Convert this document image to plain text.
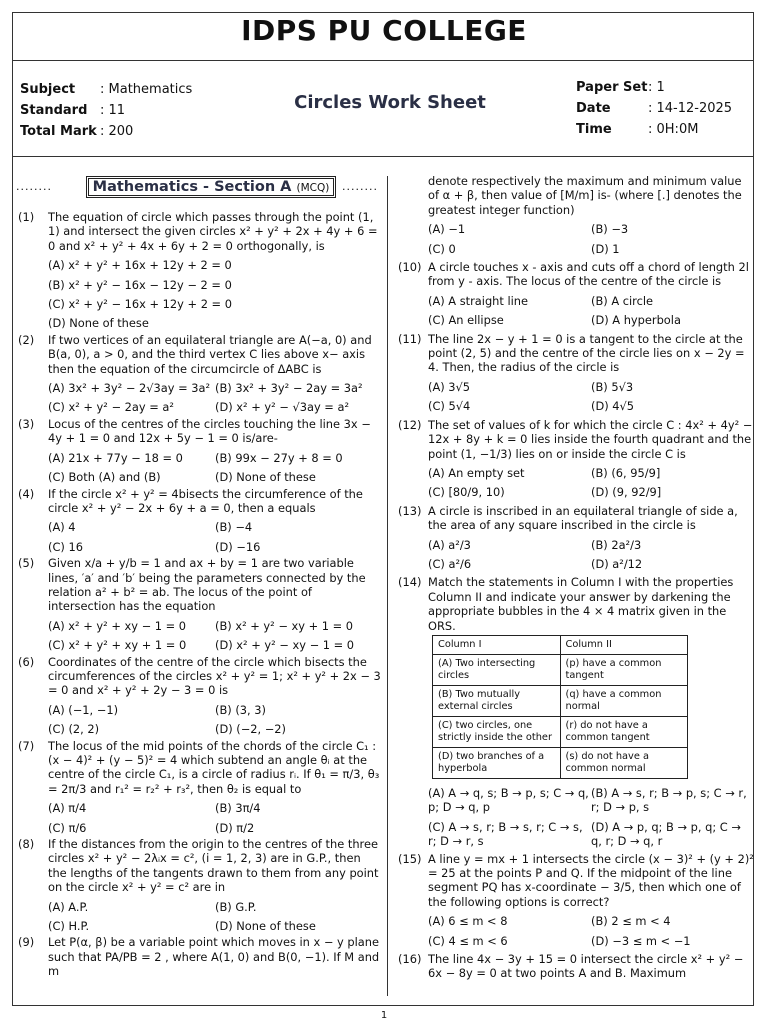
IDPS PU COLLEGE
Subject : Mathematics
Standard : 11
Total Mark : 200
Circles Work Sheet
Paper Set: 1
Date	: 14-12-2025
Time	: 0H:0M
........	Mathematics - Section A (MCQ)	........
(1) The equation of circle which passes through the point (1, 1) and intersect the given circles x² + y² + 2x + 4y + 6 = 0 and x² + y² + 4x + 6y + 2 = 0 orthogonally, is
(A) x² + y² + 16x + 12y + 2 = 0
(B) x² + y² − 16x − 12y − 2 = 0
(C) x² + y² − 16x + 12y + 2 = 0
(D) None of these
(2) If two vertices of an equilateral triangle are A(−a, 0) and B(a, 0), a > 0, and the third vertex C lies above x− axis then the equation of the circumcircle of ΔABC is
(A) 3x² + 3y² − 2√3ay = 3a² (B) 3x² + 3y² − 2ay = 3a²
(C) x² + y² − 2ay = a²	(D) x² + y² − √3ay = a²
(3) Locus of the centres of the circles touching the line 3x − 4y + 1 = 0 and 12x + 5y − 1 = 0 is/are-
(A) 21x + 77y − 18 = 0	(B) 99x − 27y + 8 = 0
(C) Both (A) and (B)	(D) None of these
(4) If the circle x² + y² = 4bisects the circumference of the circle x² + y² − 2x + 6y + a = 0, then a equals
(A) 4	(B) −4
(C) 16	(D) −16
(5) Given x/a + y/b = 1 and ax + by = 1 are two variable lines, ′a′ and ′b′ being the parameters connected by the relation a² + b² = ab. The locus of the point of intersection has the equation
(A) x² + y² + xy − 1 = 0	(B) x² + y² − xy + 1 = 0
(C) x² + y² + xy + 1 = 0	(D) x² + y² − xy − 1 = 0
(6) Coordinates of the centre of the circle which bisects the circumferences of the circles x² + y² = 1; x² + y² + 2x − 3 = 0 and x² + y² + 2y − 3 = 0 is
(A) (−1, −1)	(B) (3, 3)
(C) (2, 2)	(D) (−2, −2)
(7) The locus of the mid points of the chords of the circle C₁ : (x − 4)² + (y − 5)² = 4 which subtend an angle θᵢ at the centre of the circle C₁, is a circle of radius rᵢ. If θ₁ = π/3, θ₃ = 2π/3 and r₁² = r₂² + r₃², then θ₂ is equal to
(A) π/4	(B) 3π/4
(C) π/6	(D) π/2
(8) If the distances from the origin to the centres of the three circles x² + y² − 2λᵢx = c², (i = 1, 2, 3) are in G.P., then the lengths of the tangents drawn to them from any point on the circle x² + y² = c² are in
(A) A.P.	(B) G.P.
(C) H.P.	(D) None of these
(9) Let P(α, β) be a variable point which moves in x − y plane such that PA/PB = 2 , where A(1, 0) and B(0, −1). If M and m
denote respectively the maximum and minimum value of α + β, then value of [M/m] is- (where [.] denotes the greatest integer function)
(A) −1	(B) −3
(C) 0	(D) 1
(10) A circle touches x - axis and cuts off a chord of length 2l from y - axis. The locus of the centre of the circle is
(A) A straight line	(B) A circle
(C) An ellipse	(D) A hyperbola
(11) The line 2x − y + 1 = 0 is a tangent to the circle at the point (2, 5) and the centre of the circle lies on x − 2y = 4. Then, the radius of the circle is
(A) 3√5	(B) 5√3
(C) 5√4	(D) 4√5
(12) The set of values of k for which the circle C : 4x² + 4y² − 12x + 8y + k = 0 lies inside the fourth quadrant and the point (1, −1/3) lies on or inside the circle C is
(A) An empty set	(B) (6, 95/9]
(C) [80/9, 10)	(D) (9, 92/9]
(13) A circle is inscribed in an equilateral triangle of side a, the area of any square inscribed in the circle is
(A) a²/3	(B) 2a²/3
(C) a²/6	(D) a²/12
(14) Match the statements in Column I with the properties Column II and indicate your answer by darkening the appropriate bubbles in the 4 × 4 matrix given in the ORS.
Column I	Column II
(A) Two intersecting circles	(p) have a common tangent
(B) Two mutually external circles	(q) have a common normal
(C) two circles, one strictly inside the other	(r) do not have a common tangent
(D) two branches of a hyperbola	(s) do not have a common normal
(A) A → q, s; B → p, s; C → q, p; D → q, p
(B) A → s, r; B → p, s; C → r, r; D → p, s
(C) A → s, r; B → s, r; C → s, r; D → r, s
(D) A → p, q; B → p, q; C → q, r; D → q, r
(15) A line y = mx + 1 intersects the circle (x − 3)² + (y + 2)² = 25 at the points P and Q. If the midpoint of the line segment PQ has x-coordinate − 3/5, then which one of the following options is correct?
(A) 6 ≤ m < 8	(B) 2 ≤ m < 4
(C) 4 ≤ m < 6	(D) −3 ≤ m < −1
(16) The line 4x − 3y + 15 = 0 intersect the circle x² + y² − 6x − 8y = 0 at two points A and B. Maximum
1
